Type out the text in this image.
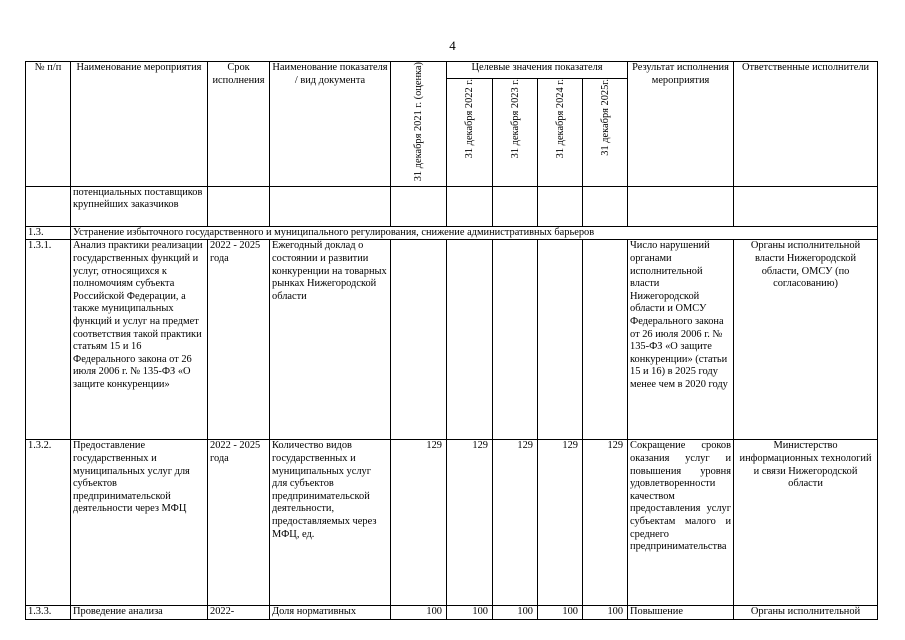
4
№ п/п	Наименование мероприятия	Срок исполнения	Наименование показателя / вид документа	31 декабря 2021 г. (оценка)	Целевые значения показателя				Результат исполнения мероприятия	Ответственные исполнители
					31 декабря 2022 г.	31 декабря 2023 г.	31 декабря 2024 г.	31 декабря 2025г.		
	потенциальных поставщиков крупнейших заказчиков									
1.3.	Устранение избыточного государственного и муниципального регулирования, снижение административных барьеров									
1.3.1.	Анализ практики реализации государственных функций и услуг, относящихся к полномочиям субъекта Российской Федерации, а также муниципальных функций и услуг на предмет соответствия такой практики статьям 15 и 16 Федерального закона от 26 июля 2006 г. № 135-ФЗ «О защите конкуренции»	2022 - 2025 года	Ежегодный доклад о состоянии и развитии конкуренции на товарных рынках Нижегородской области						Число нарушений органами исполнительной власти Нижегородской области и ОМСУ Федерального закона от 26 июля 2006 г. № 135-ФЗ «О защите конкуренции» (статьи 15 и 16) в 2025 году менее чем в 2020 году	Органы исполнительной власти Нижегородской области, ОМСУ (по согласованию)
1.3.2.	Предоставление государственных и муниципальных услуг для субъектов предпринимательской деятельности через МФЦ	2022 - 2025 года	Количество видов государственных и муниципальных услуг для субъектов предпринимательской деятельности, предоставляемых через МФЦ, ед.	129	129	129	129	129	Сокращение сроков оказания услуг и повышения уровня удовлетворенности качеством предоставления услуг субъектам малого и среднего предпринимательства	Министерство информационных технологий и связи Нижегородской области
1.3.3.	Проведение анализа	2022-	Доля нормативных	100	100	100	100	100	Повышение	Органы исполнительной
